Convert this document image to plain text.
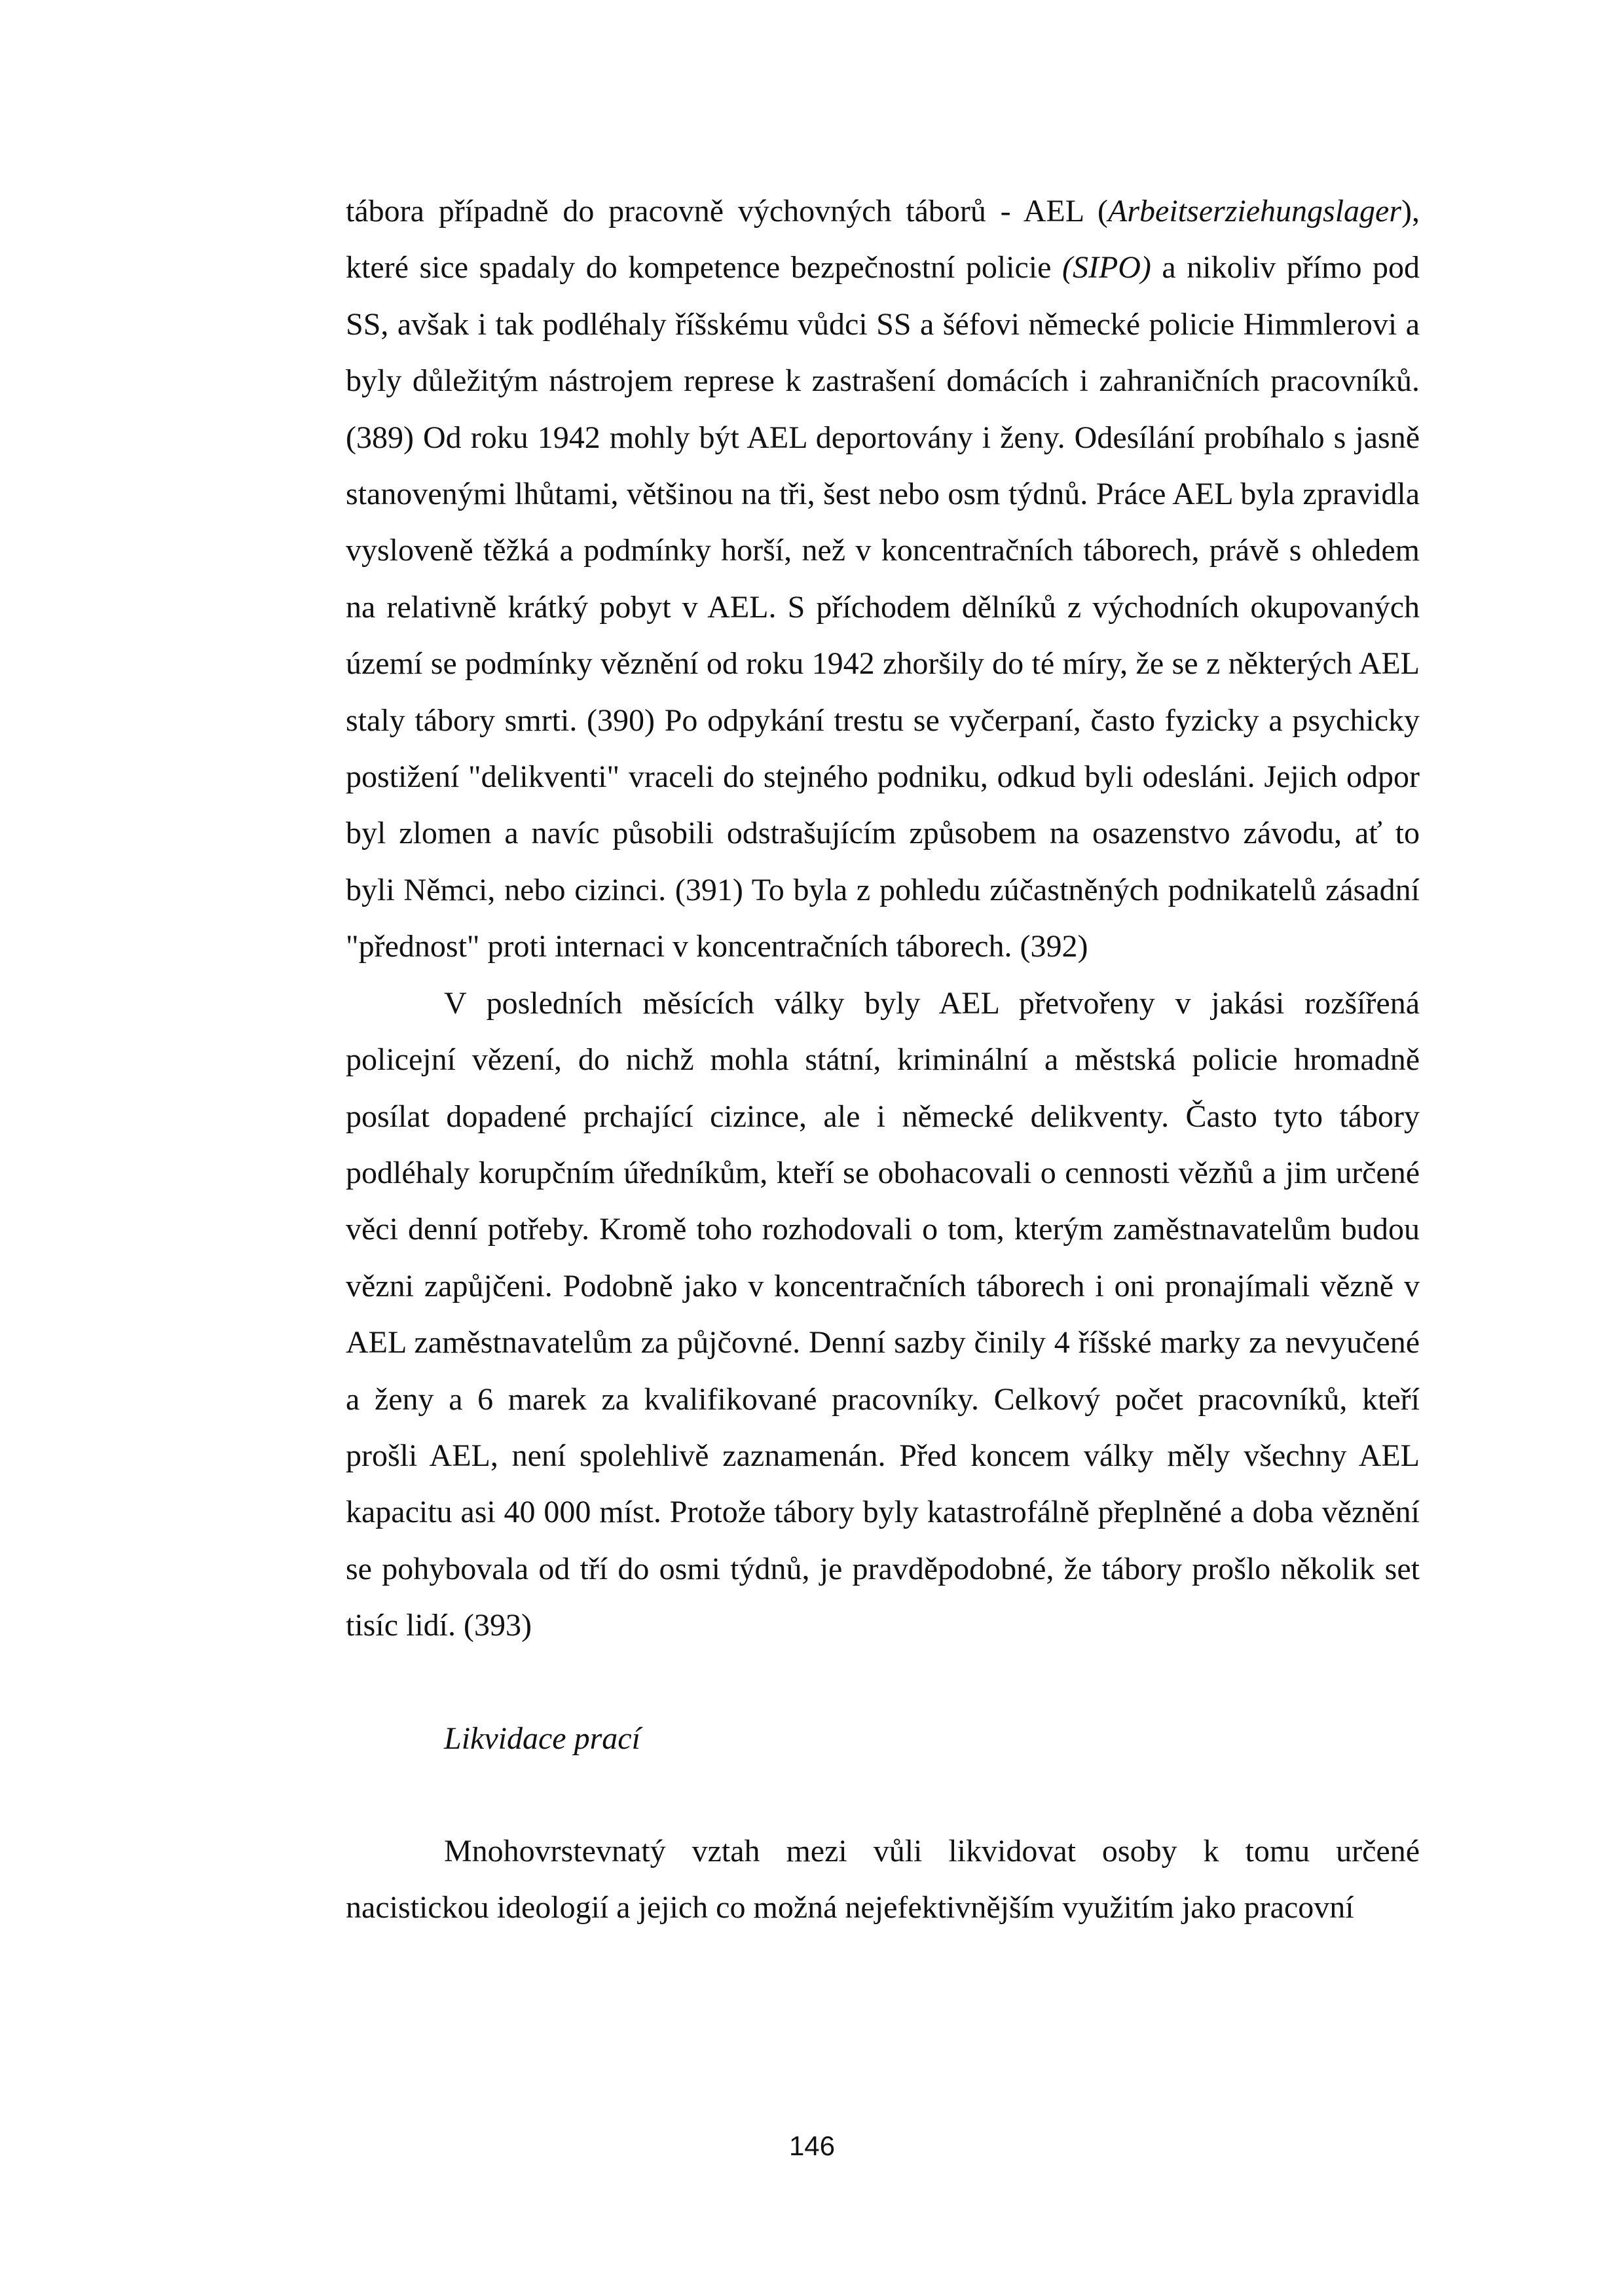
tábora případně do pracovně výchovných táborů - AEL (Arbeitserziehungslager), které sice spadaly do kompetence bezpečnostní policie (SIPO) a nikoliv přímo pod SS, avšak i tak podléhaly říšskému vůdci SS a šéfovi německé policie Himmlerovi a byly důležitým nástrojem represe k zastrašení domácích i zahraničních pracovníků. (389) Od roku 1942 mohly být AEL deportovány i ženy. Odesílání probíhalo s jasně stanovenými lhůtami, většinou na tři, šest nebo osm týdnů. Práce AEL byla zpravidla vysloveně těžká a podmínky horší, než v koncentračních táborech, právě s ohledem na relativně krátký pobyt v AEL. S příchodem dělníků z východních okupovaných území se podmínky věznění od roku 1942 zhoršily do té míry, že se z některých AEL staly tábory smrti. (390) Po odpykání trestu se vyčerpaní, často fyzicky a psychicky postižení "delikventi" vraceli do stejného podniku, odkud byli odesláni. Jejich odpor byl zlomen a navíc působili odstrašujícím způsobem na osazenstvo závodu, ať to byli Němci, nebo cizinci. (391) To byla z pohledu zúčastněných podnikatelů zásadní "přednost" proti internaci v koncentračních táborech. (392)

V posledních měsících války byly AEL přetvořeny v jakási rozšířená policejní vězení, do nichž mohla státní, kriminální a městská policie hromadně posílat dopadené prchající cizince, ale i německé delikventy. Často tyto tábory podléhaly korupčním úředníkům, kteří se obohacovali o cennosti vězňů a jim určené věci denní potřeby. Kromě toho rozhodovali o tom, kterým zaměstnavatelům budou vězni zapůjčeni. Podobně jako v koncentračních táborech i oni pronajímali vězně v AEL zaměstnavatelům za půjčovné. Denní sazby činily 4 říšské marky za nevyučené a ženy a 6 marek za kvalifikované pracovníky. Celkový počet pracovníků, kteří prošli AEL, není spolehlivě zaznamenán. Před koncem války měly všechny AEL kapacitu asi 40 000 míst. Protože tábory byly katastrofálně přeplněné a doba věznění se pohybovala od tří do osmi týdnů, je pravděpodobné, že tábory prošlo několik set tisíc lidí. (393)

Likvidace prací

Mnohovrstevnatý vztah mezi vůli likvidovat osoby k tomu určené nacistickou ideologií a jejich co možná nejefektivnějším využitím jako pracovní

146
